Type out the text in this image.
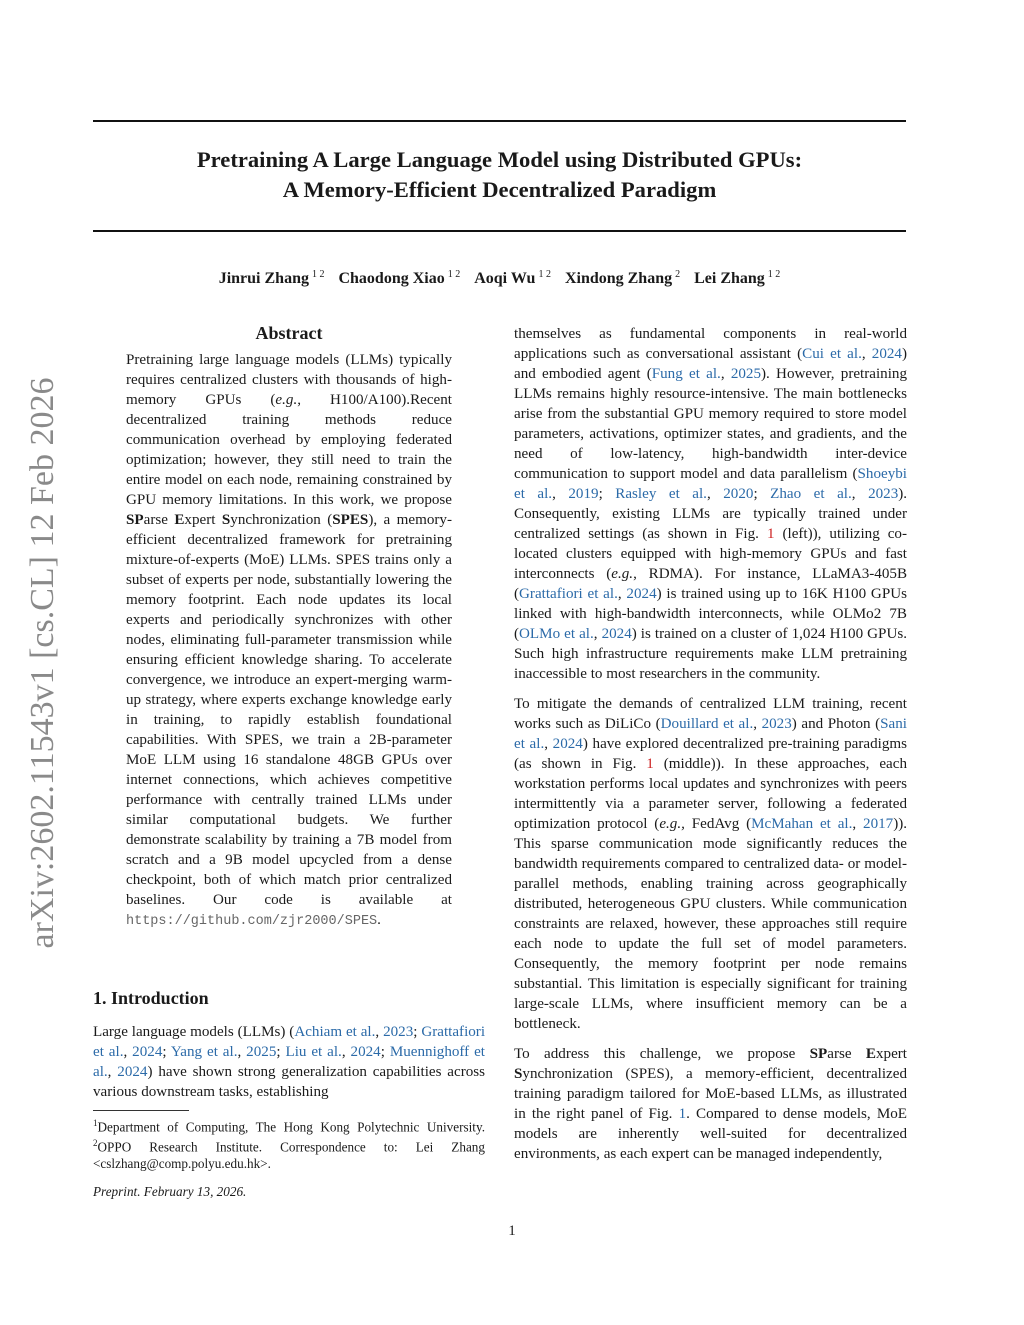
Pretraining A Large Language Model using Distributed GPUs:
A Memory-Efficient Decentralized Paradigm
Jinrui Zhang $^{1 2}$ Chaodong Xiao $^{1 2}$ Aoqi Wu $^{1 2}$ Xindong Zhang $^2$ Lei Zhang $^{1 2}$
arXiv:2602.11543v1 [cs.CL] 12 Feb 2026
Abstract
Pretraining large language models (LLMs) typically requires centralized clusters with thousands of high-memory GPUs (e.g., H100/A100).Recent decentralized training methods reduce communication overhead by employing federated optimization; however, they still need to train the entire model on each node, remaining constrained by GPU memory limitations. In this work, we propose SParse Expert Synchronization (SPES), a memory-efficient decentralized framework for pretraining mixture-of-experts (MoE) LLMs. SPES trains only a subset of experts per node, substantially lowering the memory footprint. Each node updates its local experts and periodically synchronizes with other nodes, eliminating full-parameter transmission while ensuring efficient knowledge sharing. To accelerate convergence, we introduce an expert-merging warm-up strategy, where experts exchange knowledge early in training, to rapidly establish foundational capabilities. With SPES, we train a 2B-parameter MoE LLM using 16 standalone 48GB GPUs over internet connections, which achieves competitive performance with centrally trained LLMs under similar computational budgets. We further demonstrate scalability by training a 7B model from scratch and a 9B model upcycled from a dense checkpoint, both of which match prior centralized baselines. Our code is available at https://github.com/zjr2000/SPES.
1. Introduction
Large language models (LLMs) (Achiam et al., 2023; Grattafiori et al., 2024; Yang et al., 2025; Liu et al., 2024; Muennighoff et al., 2024) have shown strong generalization capabilities across various downstream tasks, establishing
$^1$Department of Computing, The Hong Kong Polytechnic University. $^2$OPPO Research Institute. Correspondence to: Lei Zhang <cslzhang@comp.polyu.edu.hk>.
Preprint. February 13, 2026.

themselves as fundamental components in real-world applications such as conversational assistant (Cui et al., 2024) and embodied agent (Fung et al., 2025). However, pretraining LLMs remains highly resource-intensive. The main bottlenecks arise from the substantial GPU memory required to store model parameters, activations, optimizer states, and gradients, and the need of low-latency, high-bandwidth inter-device communication to support model and data parallelism (Shoeybi et al., 2019; Rasley et al., 2020; Zhao et al., 2023). Consequently, existing LLMs are typically trained under centralized settings (as shown in Fig. 1 (left)), utilizing co-located clusters equipped with high-memory GPUs and fast interconnects (e.g., RDMA). For instance, LLaMA3-405B (Grattafiori et al., 2024) is trained using up to 16K H100 GPUs linked with high-bandwidth interconnects, while OLMo2 7B (OLMo et al., 2024) is trained on a cluster of 1,024 H100 GPUs. Such high infrastructure requirements make LLM pretraining inaccessible to most researchers in the community.

To mitigate the demands of centralized LLM training, recent works such as DiLiCo (Douillard et al., 2023) and Photon (Sani et al., 2024) have explored decentralized pre-training paradigms (as shown in Fig. 1 (middle)). In these approaches, each workstation performs local updates and synchronizes with peers intermittently via a parameter server, following a federated optimization protocol (e.g., FedAvg (McMahan et al., 2017)). This sparse communication mode significantly reduces the bandwidth requirements compared to centralized data- or model-parallel methods, enabling training across geographically distributed, heterogeneous GPU clusters. While communication constraints are relaxed, however, these approaches still require each node to update the full set of model parameters. Consequently, the memory footprint per node remains substantial. This limitation is especially significant for training large-scale LLMs, where insufficient memory can be a bottleneck.

To address this challenge, we propose SParse Expert Synchronization (SPES), a memory-efficient, decentralized training paradigm tailored for MoE-based LLMs, as illustrated in the right panel of Fig. 1. Compared to dense models, MoE models are inherently well-suited for decentralized environments, as each expert can be managed independently,

1
